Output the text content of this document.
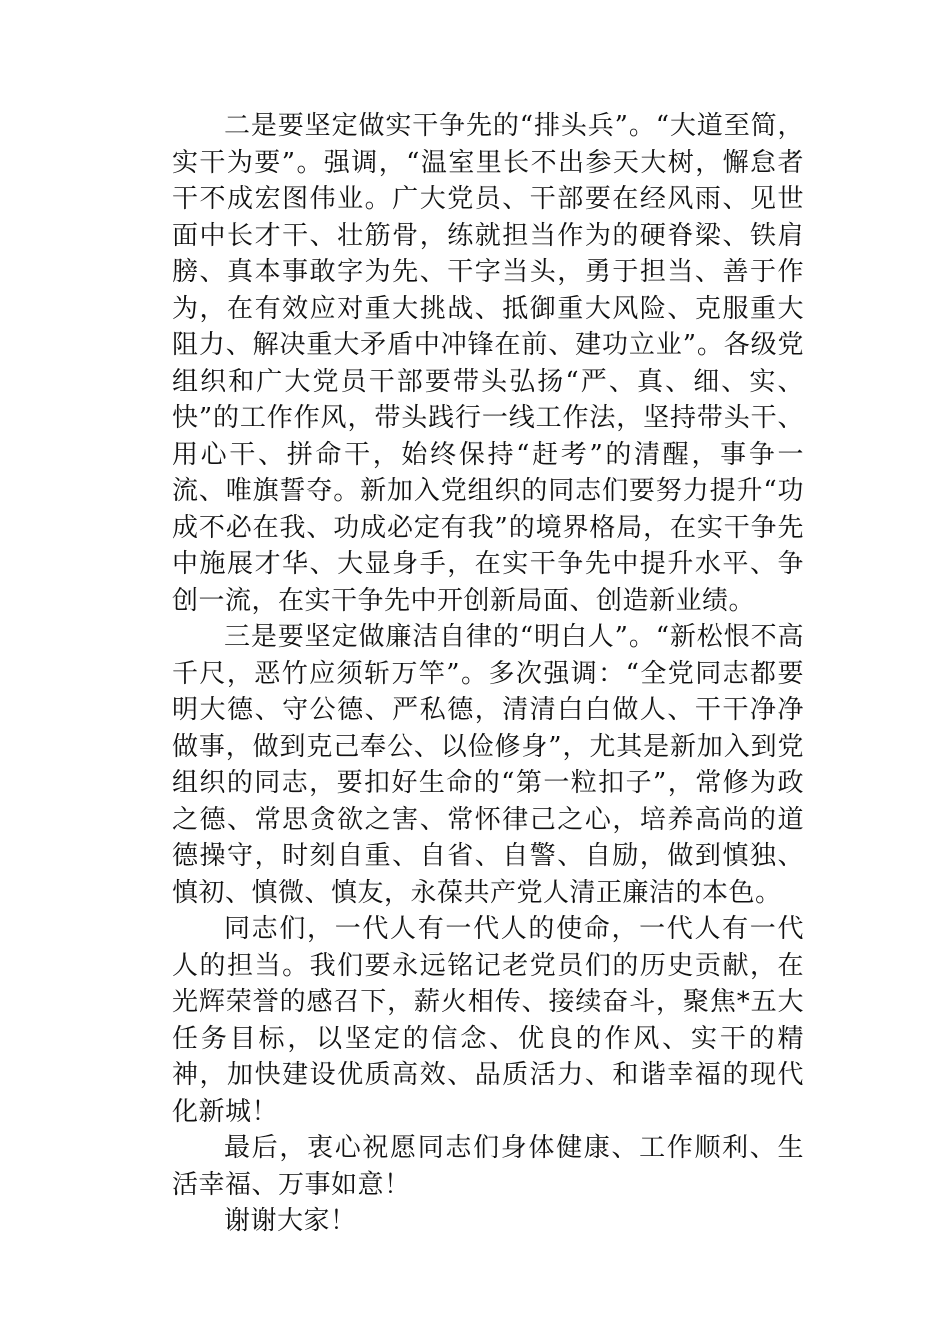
二是要坚定做实干争先的“排头兵”。“大道至简，实干为要”。强调，“温室里长不出参天大树，懈怠者干不成宏图伟业。广大党员、干部要在经风雨、见世面中长才干、壮筋骨，练就担当作为的硬脊梁、铁肩膀、真本事敢字为先、干字当头，勇于担当、善于作为，在有效应对重大挑战、抵御重大风险、克服重大阻力、解决重大矛盾中冲锋在前、建功立业”。各级党组织和广大党员干部要带头弘扬“严、真、细、实、快”的工作作风，带头践行一线工作法，坚持带头干、用心干、拼命干，始终保持“赶考”的清醒，事争一流、唯旗誓夺。新加入党组织的同志们要努力提升“功成不必在我、功成必定有我”的境界格局，在实干争先中施展才华、大显身手，在实干争先中提升水平、争创一流，在实干争先中开创新局面、创造新业绩。

三是要坚定做廉洁自律的“明白人”。“新松恨不高千尺，恶竹应须斩万竿”。多次强调：“全党同志都要明大德、守公德、严私德，清清白白做人、干干净净做事，做到克己奉公、以俭修身”，尤其是新加入到党组织的同志，要扣好生命的“第一粒扣子”，常修为政之德、常思贪欲之害、常怀律己之心，培养高尚的道德操守，时刻自重、自省、自警、自励，做到慎独、慎初、慎微、慎友，永葆共产党人清正廉洁的本色。

同志们，一代人有一代人的使命，一代人有一代人的担当。我们要永远铭记老党员们的历史贡献，在光辉荣誉的感召下，薪火相传、接续奋斗，聚焦*五大任务目标，以坚定的信念、优良的作风、实干的精神，加快建设优质高效、品质活力、和谐幸福的现代化新城！

最后，衷心祝愿同志们身体健康、工作顺利、生活幸福、万事如意！

谢谢大家！
